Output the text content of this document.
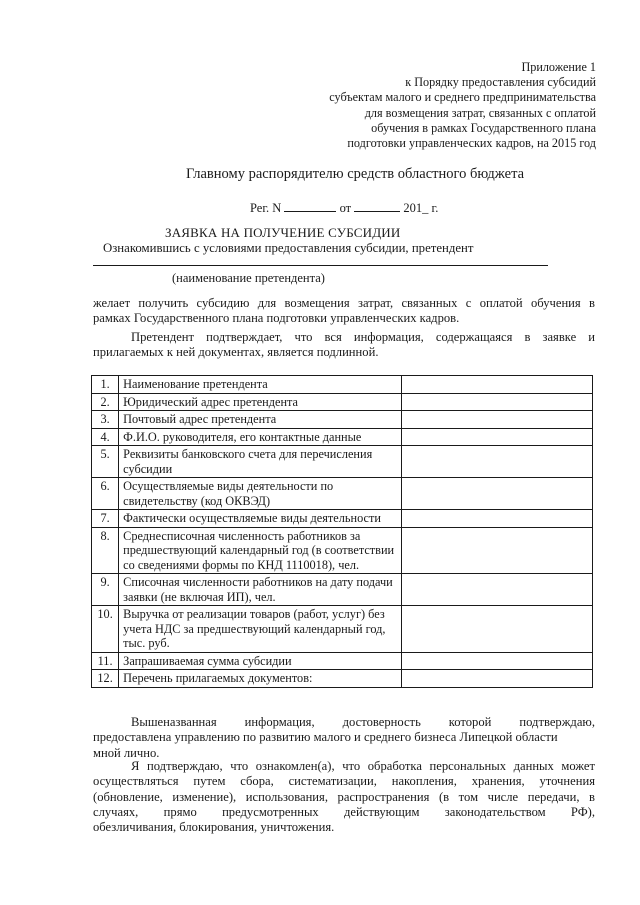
Приложение 1
к Порядку предоставления субсидий
субъектам малого и среднего предпринимательства
для возмещения затрат, связанных с оплатой
обучения в рамках Государственного плана
подготовки управленческих кадров, на 2015 год
Главному распорядителю средств областного бюджета
Рег. N	от	201_ г.
ЗАЯВКА НА ПОЛУЧЕНИЕ СУБСИДИИ
Ознакомившись с условиями предоставления субсидии, претендент
(наименование претендента)
желает получить субсидию для возмещения затрат, связанных с оплатой обучения в
рамках Государственного плана подготовки управленческих кадров.
Претендент подтверждает, что вся информация, содержащаяся в заявке и
прилагаемых к ней документах, является подлинной.
1.	Наименование претендента	
2.	Юридический адрес претендента	
3.	Почтовый адрес претендента	
4.	Ф.И.О. руководителя, его контактные данные	
5.	Реквизиты банковского счета для перечисления субсидии	
6.	Осуществляемые виды деятельности по свидетельству (код ОКВЭД)	
7.	Фактически осуществляемые виды деятельности	
8.	Среднесписочная численность работников за предшествующий календарный год (в соответствии со сведениями формы по КНД 1110018), чел.	
9.	Списочная численности работников на дату подачи заявки (не включая ИП), чел.	
10.	Выручка от реализации товаров (работ, услуг) без учета НДС за предшествующий календарный год, тыс. руб.	
11.	Запрашиваемая сумма субсидии	
12.	Перечень прилагаемых документов:	
Вышеназванная информация, достоверность которой подтверждаю,
предоставлена управлению по развитию малого и среднего бизнеса Липецкой области
мной лично.
Я подтверждаю, что ознакомлен(а), что обработка персональных данных может
осуществляться путем сбора, систематизации, накопления, хранения, уточнения
(обновление, изменение), использования, распространения (в том числе передачи, в
случаях, прямо предусмотренных действующим законодательством РФ),
обезличивания, блокирования, уничтожения.
